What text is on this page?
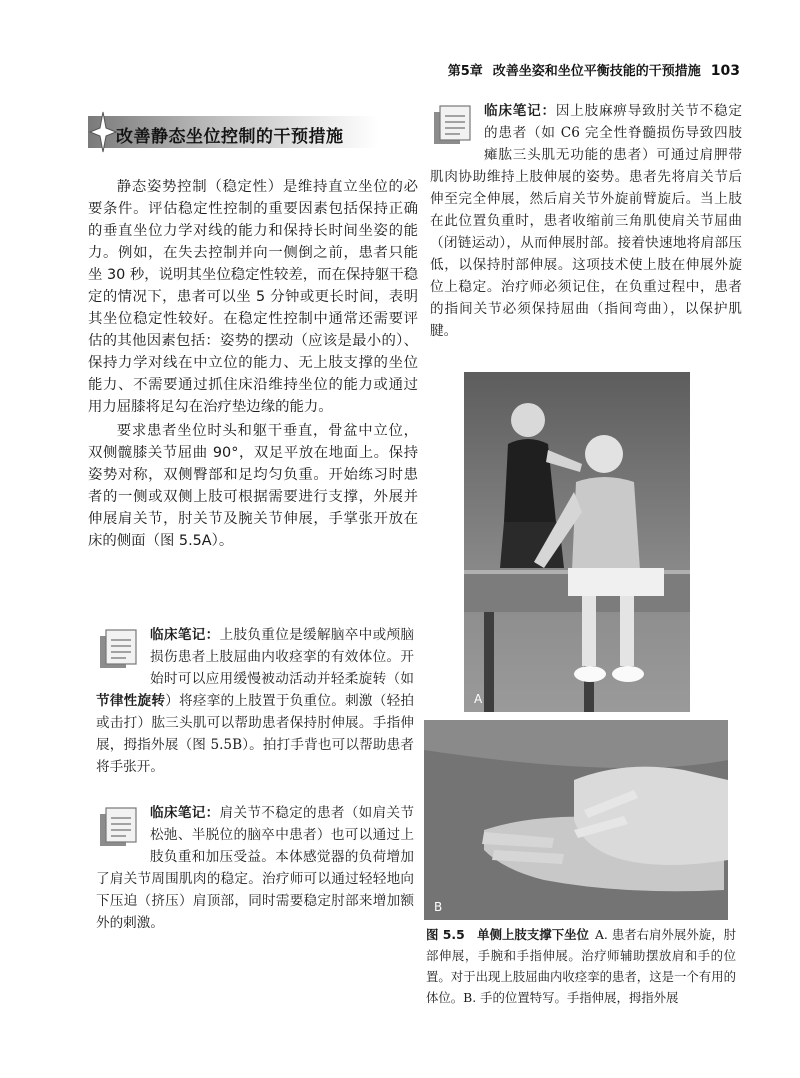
第5章 改善坐姿和坐位平衡技能的干预措施 103
改善静态坐位控制的干预措施

静态姿势控制（稳定性）是维持直立坐位的必要条件。评估稳定性控制的重要因素包括保持正确的垂直坐位力学对线的能力和保持长时间坐姿的能力。例如，在失去控制并向一侧倒之前，患者只能坐 30 秒，说明其坐位稳定性较差，而在保持躯干稳定的情况下，患者可以坐 5 分钟或更长时间，表明其坐位稳定性较好。在稳定性控制中通常还需要评估的其他因素包括：姿势的摆动（应该是最小的）、保持力学对线在中立位的能力、无上肢支撑的坐位能力、不需要通过抓住床沿维持坐位的能力或通过用力屈膝将足勾在治疗垫边缘的能力。

要求患者坐位时头和躯干垂直，骨盆中立位，双侧髋膝关节屈曲 90°，双足平放在地面上。保持姿势对称，双侧臀部和足均匀负重。开始练习时患者的一侧或双侧上肢可根据需要进行支撑，外展并伸展肩关节，肘关节及腕关节伸展，手掌张开放在床的侧面（图 5.5A）。

临床笔记：上肢负重位是缓解脑卒中或颅脑损伤患者上肢屈曲内收痉挛的有效体位。开始时可以应用缓慢被动活动并轻柔旋转（如节律性旋转）将痉挛的上肢置于负重位。刺激（轻拍或击打）肱三头肌可以帮助患者保持肘伸展。手指伸展，拇指外展（图 5.5B）。拍打手背也可以帮助患者将手张开。
临床笔记：肩关节不稳定的患者（如肩关节松弛、半脱位的脑卒中患者）也可以通过上肢负重和加压受益。本体感觉器的负荷增加了肩关节周围肌肉的稳定。治疗师可以通过轻轻地向下压迫（挤压）肩顶部，同时需要稳定肘部来增加额外的刺激。
临床笔记：因上肢麻痹导致肘关节不稳定的患者（如 C6 完全性脊髓损伤导致四肢瘫肱三头肌无功能的患者）可通过肩胛带肌肉协助维持上肢伸展的姿势。患者先将肩关节后伸至完全伸展，然后肩关节外旋前臂旋后。当上肢在此位置负重时，患者收缩前三角肌使肩关节屈曲（闭链运动），从而伸展肘部。接着快速地将肩部压低，以保持肘部伸展。这项技术使上肢在伸展外旋位上稳定。治疗师必须记住，在负重过程中，患者的指间关节必须保持屈曲（指间弯曲），以保护肌腱。
A
B
图 5.5　单侧上肢支撑下坐位 A. 患者右肩外展外旋，肘部伸展，手腕和手指伸展。治疗师辅助摆放肩和手的位置。对于出现上肢屈曲内收痉挛的患者，这是一个有用的体位。B. 手的位置特写。手指伸展，拇指外展
